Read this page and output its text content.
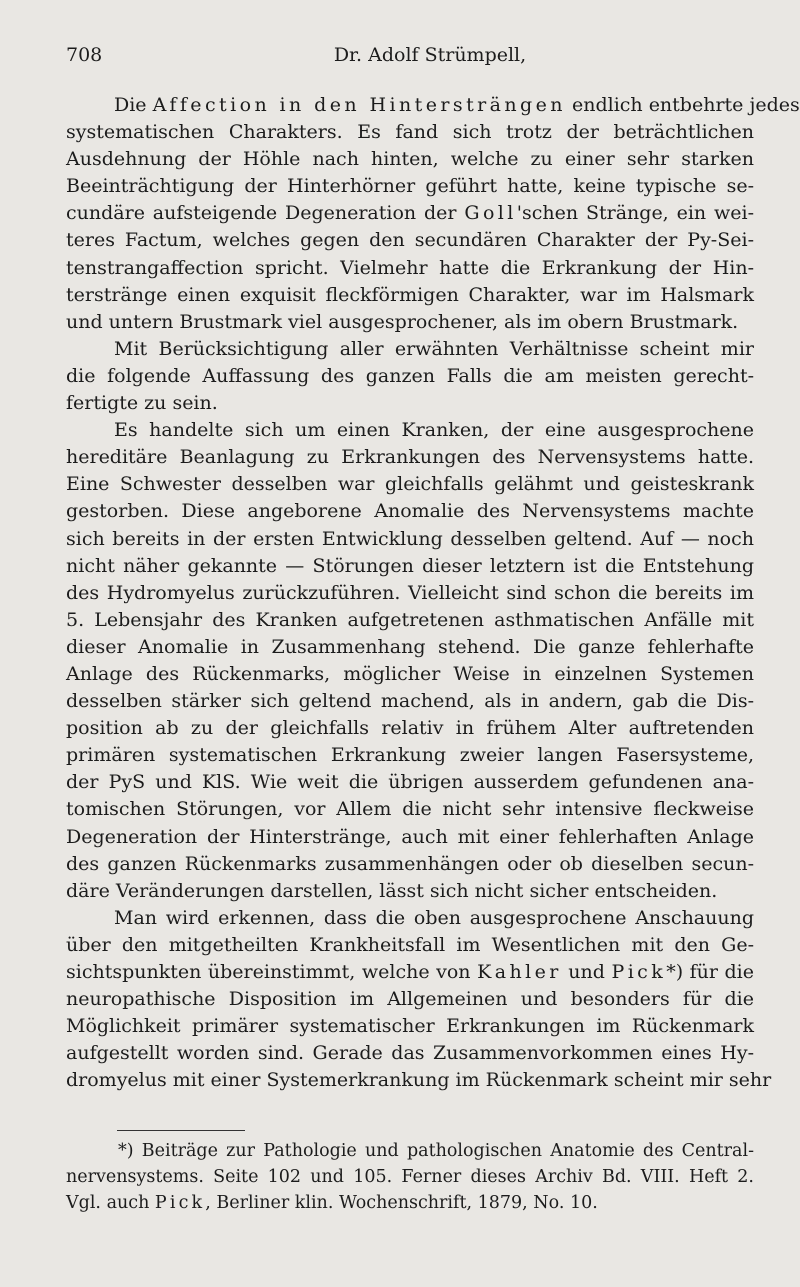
708	Dr. Adolf Strümpell,
Die Affection in den Hintersträngen endlich entbehrte jedes
systematischen Charakters. Es fand sich trotz der beträchtlichen
Ausdehnung der Höhle nach hinten, welche zu einer sehr starken
Beeinträchtigung der Hinterhörner geführt hatte, keine typische se-
cundäre aufsteigende Degeneration der Goll'schen Stränge, ein wei-
teres Factum, welches gegen den secundären Charakter der Py-Sei-
tenstrangaffection spricht. Vielmehr hatte die Erkrankung der Hin-
terstränge einen exquisit fleckförmigen Charakter, war im Halsmark
und untern Brustmark viel ausgesprochener, als im obern Brustmark.
Mit Berücksichtigung aller erwähnten Verhältnisse scheint mir
die folgende Auffassung des ganzen Falls die am meisten gerecht-
fertigte zu sein.
Es handelte sich um einen Kranken, der eine ausgesprochene
hereditäre Beanlagung zu Erkrankungen des Nervensystems hatte.
Eine Schwester desselben war gleichfalls gelähmt und geisteskrank
gestorben. Diese angeborene Anomalie des Nervensystems machte
sich bereits in der ersten Entwicklung desselben geltend. Auf — noch
nicht näher gekannte — Störungen dieser letztern ist die Entstehung
des Hydromyelus zurückzuführen. Vielleicht sind schon die bereits im
5. Lebensjahr des Kranken aufgetretenen asthmatischen Anfälle mit
dieser Anomalie in Zusammenhang stehend. Die ganze fehlerhafte
Anlage des Rückenmarks, möglicher Weise in einzelnen Systemen
desselben stärker sich geltend machend, als in andern, gab die Dis-
position ab zu der gleichfalls relativ in frühem Alter auftretenden
primären systematischen Erkrankung zweier langen Fasersysteme,
der PyS und KlS. Wie weit die übrigen ausserdem gefundenen ana-
tomischen Störungen, vor Allem die nicht sehr intensive fleckweise
Degeneration der Hinterstränge, auch mit einer fehlerhaften Anlage
des ganzen Rückenmarks zusammenhängen oder ob dieselben secun-
däre Veränderungen darstellen, lässt sich nicht sicher entscheiden.
Man wird erkennen, dass die oben ausgesprochene Anschauung
über den mitgetheilten Krankheitsfall im Wesentlichen mit den Ge-
sichtspunkten übereinstimmt, welche von Kahler und Pick*) für die
neuropathische Disposition im Allgemeinen und besonders für die
Möglichkeit primärer systematischer Erkrankungen im Rückenmark
aufgestellt worden sind. Gerade das Zusammenvorkommen eines Hy-
dromyelus mit einer Systemerkrankung im Rückenmark scheint mir sehr
*) Beiträge zur Pathologie und pathologischen Anatomie des Central-
nervensystems. Seite 102 und 105. Ferner dieses Archiv Bd. VIII. Heft 2.
Vgl. auch Pick, Berliner klin. Wochenschrift, 1879, No. 10.
